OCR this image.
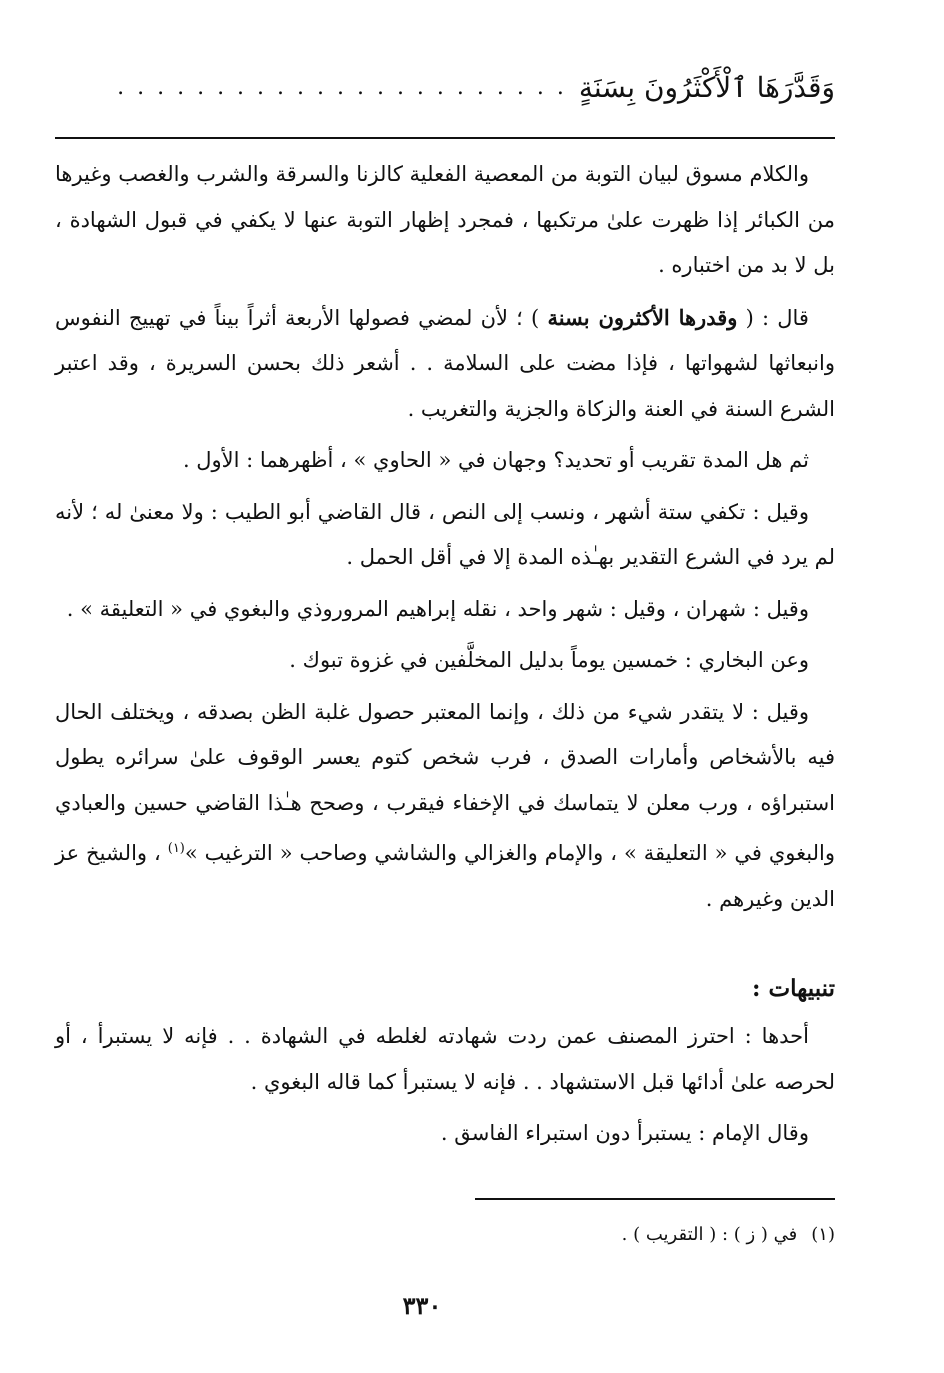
وَقَدَّرَهَا ٱلْأَكْثَرُونَ بِسَنَةٍ
. . . . . . . . . . . . . . . . . . . . . . .

والكلام مسوق لبيان التوبة من المعصية الفعلية كالزنا والسرقة والشرب والغصب وغيرها من الكبائر إذا ظهرت علىٰ مرتكبها ، فمجرد إظهار التوبة عنها لا يكفي في قبول الشهادة ، بل لا بد من اختباره .

قال : ( وقدرها الأكثرون بسنة ) ؛ لأن لمضي فصولها الأربعة أثراً بيناً في تهييج النفوس وانبعاثها لشهواتها ، فإذا مضت على السلامة . . أشعر ذلك بحسن السريرة ، وقد اعتبر الشرع السنة في العنة والزكاة والجزية والتغريب .

ثم هل المدة تقريب أو تحديد؟ وجهان في « الحاوي » ، أظهرهما : الأول .

وقيل : تكفي ستة أشهر ، ونسب إلى النص ، قال القاضي أبو الطيب : ولا معنىٰ له ؛ لأنه لم يرد في الشرع التقدير بهـٰذه المدة إلا في أقل الحمل .

وقيل : شهران ، وقيل : شهر واحد ، نقله إبراهيم المروروذي والبغوي في « التعليقة » .

وعن البخاري : خمسين يوماً بدليل المخلَّفين في غزوة تبوك .

وقيل : لا يتقدر شيء من ذلك ، وإنما المعتبر حصول غلبة الظن بصدقه ، ويختلف الحال فيه بالأشخاص وأمارات الصدق ، فرب شخص كتوم يعسر الوقوف علىٰ سرائره يطول استبراؤه ، ورب معلن لا يتماسك في الإخفاء فيقرب ، وصحح هـٰذا القاضي حسين والعبادي والبغوي في « التعليقة » ، والإمام والغزالي والشاشي وصاحب « الترغيب »$^{(١)}$ ، والشيخ عز الدين وغيرهم .

تنبيهات :

أحدها : احترز المصنف عمن ردت شهادته لغلطه في الشهادة . . فإنه لا يستبرأ ، أو لحرصه علىٰ أدائها قبل الاستشهاد . . فإنه لا يستبرأ كما قاله البغوي .

وقال الإمام : يستبرأ دون استبراء الفاسق .

(١)في ( ز ) : ( التقريب ) .
٣٣٠
